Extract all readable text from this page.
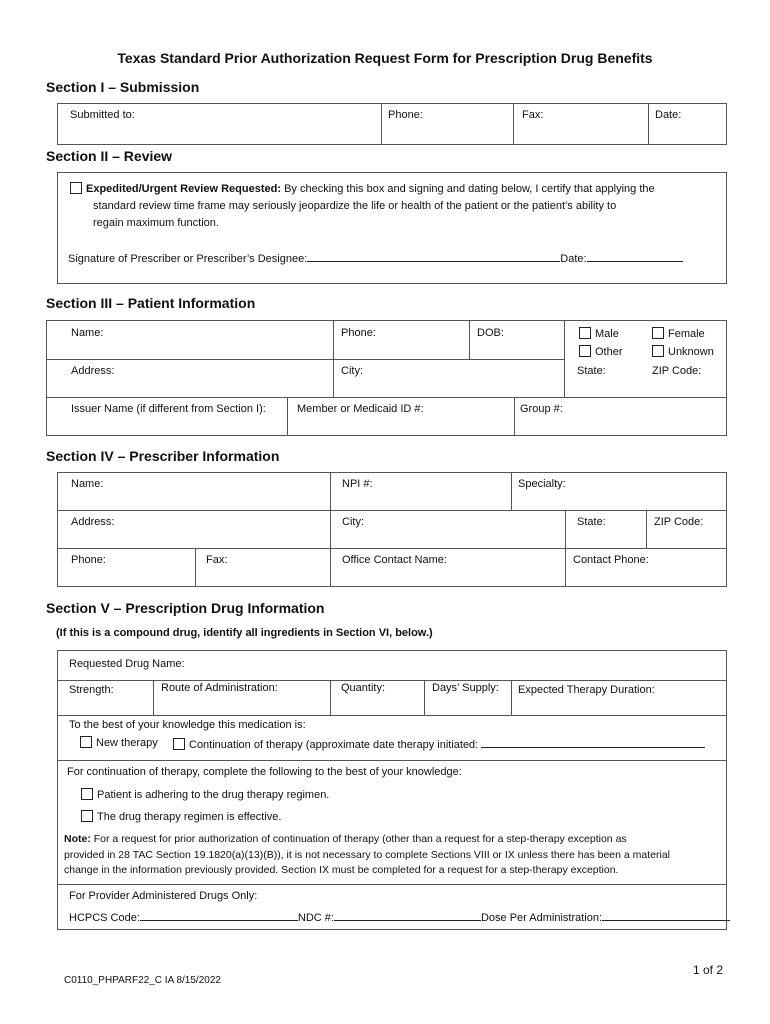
Texas Standard Prior Authorization Request Form for Prescription Drug Benefits
Section I – Submission
Submitted to:	Phone:	Fax:	Date:
Section II – Review
Expedited/Urgent Review Requested: By checking this box and signing and dating below, I certify that applying the
standard review time frame may seriously jeopardize the life or health of the patient or the patient’s ability to
regain maximum function.
Signature of Prescriber or Prescriber’s Designee:	Date:
Section III – Patient Information
Name:	Phone:	DOB:	Male	Female
Other	Unknown
Address:	City:	State:	ZIP Code:
Issuer Name (if different from Section I):	Member or Medicaid ID #:	Group #:
Section IV – Prescriber Information
Name:	NPI #:	Specialty:
Address:	City:	State:	ZIP Code:
Phone:	Fax:	Office Contact Name:	Contact Phone:
Section V – Prescription Drug Information
(If this is a compound drug, identify all ingredients in Section VI, below.)
Requested Drug Name:
Strength:	Route of Administration:	Quantity:	Days’ Supply: Expected Therapy Duration:
To the best of your knowledge this medication is:
New therapy	Continuation of therapy (approximate date therapy initiated:
For continuation of therapy, complete the following to the best of your knowledge:
Patient is adhering to the drug therapy regimen.
The drug therapy regimen is effective.
Note: For a request for prior authorization of continuation of therapy (other than a request for a step-therapy exception as
provided in 28 TAC Section 19.1820(a)(13)(B)), it is not necessary to complete Sections VIII or IX unless there has been a material
change in the information previously provided. Section IX must be completed for a request for a step-therapy exception.
For Provider Administered Drugs Only:
HCPCS Code:	NDC #:	Dose Per Administration:
C0110_PHPARF22_C IA 8/15/2022
1 of 2
